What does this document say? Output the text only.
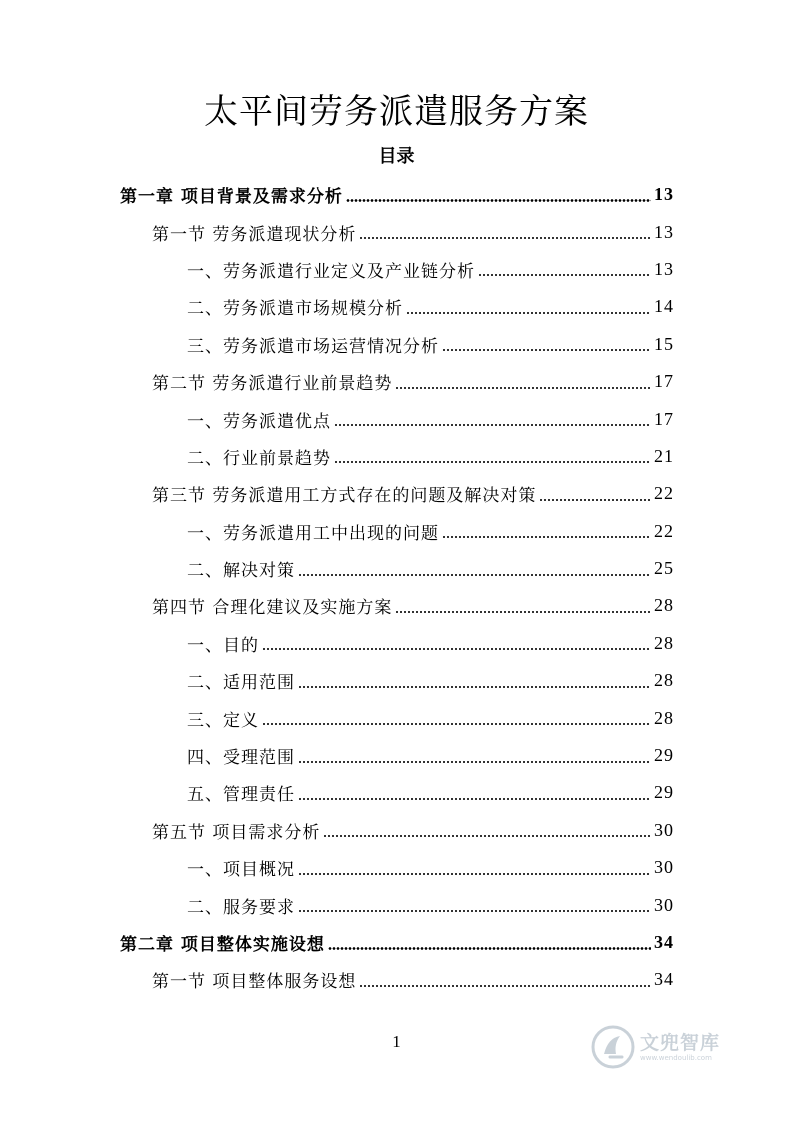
太平间劳务派遣服务方案
目录
第一章 项目背景及需求分析	13
第一节 劳务派遣现状分析	13
一、劳务派遣行业定义及产业链分析	13
二、劳务派遣市场规模分析	14
三、劳务派遣市场运营情况分析	15
第二节 劳务派遣行业前景趋势	17
一、劳务派遣优点	17
二、行业前景趋势	21
第三节 劳务派遣用工方式存在的问题及解决对策	22
一、劳务派遣用工中出现的问题	22
二、解决对策	25
第四节 合理化建议及实施方案	28
一、目的	28
二、适用范围	28
三、定义	28
四、受理范围	29
五、管理责任	29
第五节 项目需求分析	30
一、项目概况	30
二、服务要求	30
第二章 项目整体实施设想	34
第一节 项目整体服务设想	34
1	文兜智库
www.wendoulib.com
